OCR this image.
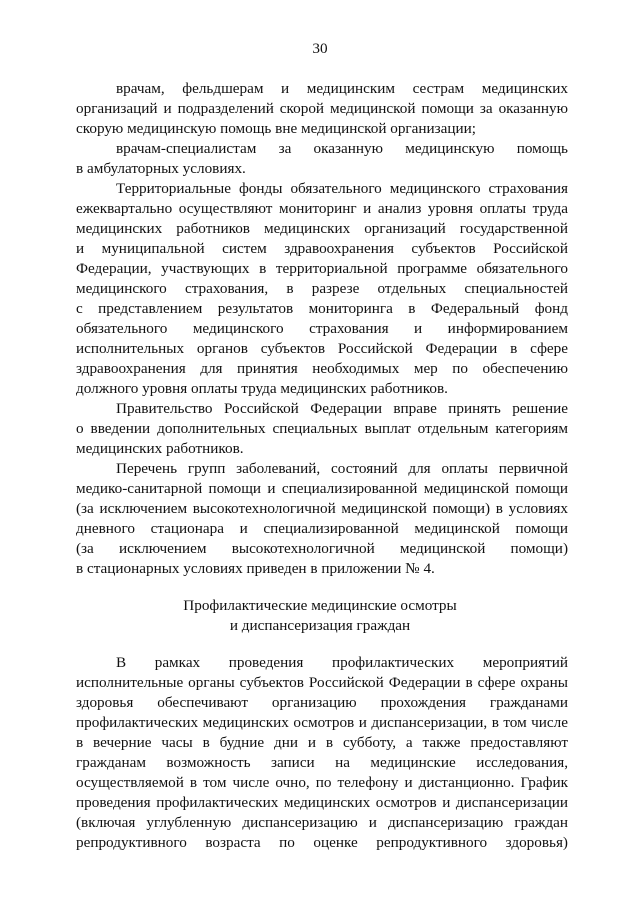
30
врачам, фельдшерам и медицинским сестрам медицинских
организаций и подразделений скорой медицинской помощи за оказанную
скорую медицинскую помощь вне медицинской организации;
врачам-специалистам за оказанную медицинскую помощь
в амбулаторных условиях.
Территориальные фонды обязательного медицинского страхования
ежеквартально осуществляют мониторинг и анализ уровня оплаты труда
медицинских работников медицинских организаций государственной
и муниципальной систем здравоохранения субъектов Российской
Федерации, участвующих в территориальной программе обязательного
медицинского страхования, в разрезе отдельных специальностей
с представлением результатов мониторинга в Федеральный фонд
обязательного медицинского страхования и информированием
исполнительных органов субъектов Российской Федерации в сфере
здравоохранения для принятия необходимых мер по обеспечению
должного уровня оплаты труда медицинских работников.
Правительство Российской Федерации вправе принять решение
о введении дополнительных специальных выплат отдельным категориям
медицинских работников.
Перечень групп заболеваний, состояний для оплаты первичной
медико-санитарной помощи и специализированной медицинской помощи
(за исключением высокотехнологичной медицинской помощи) в условиях
дневного стационара и специализированной медицинской помощи
(за исключением высокотехнологичной медицинской помощи)
в стационарных условиях приведен в приложении № 4.
Профилактические медицинские осмотры
и диспансеризация граждан
В рамках проведения профилактических мероприятий
исполнительные органы субъектов Российской Федерации в сфере охраны
здоровья обеспечивают организацию прохождения гражданами
профилактических медицинских осмотров и диспансеризации, в том числе
в вечерние часы в будние дни и в субботу, а также предоставляют
гражданам возможность записи на медицинские исследования,
осуществляемой в том числе очно, по телефону и дистанционно. График
проведения профилактических медицинских осмотров и диспансеризации
(включая углубленную диспансеризацию и диспансеризацию граждан
репродуктивного возраста по оценке репродуктивного здоровья)
